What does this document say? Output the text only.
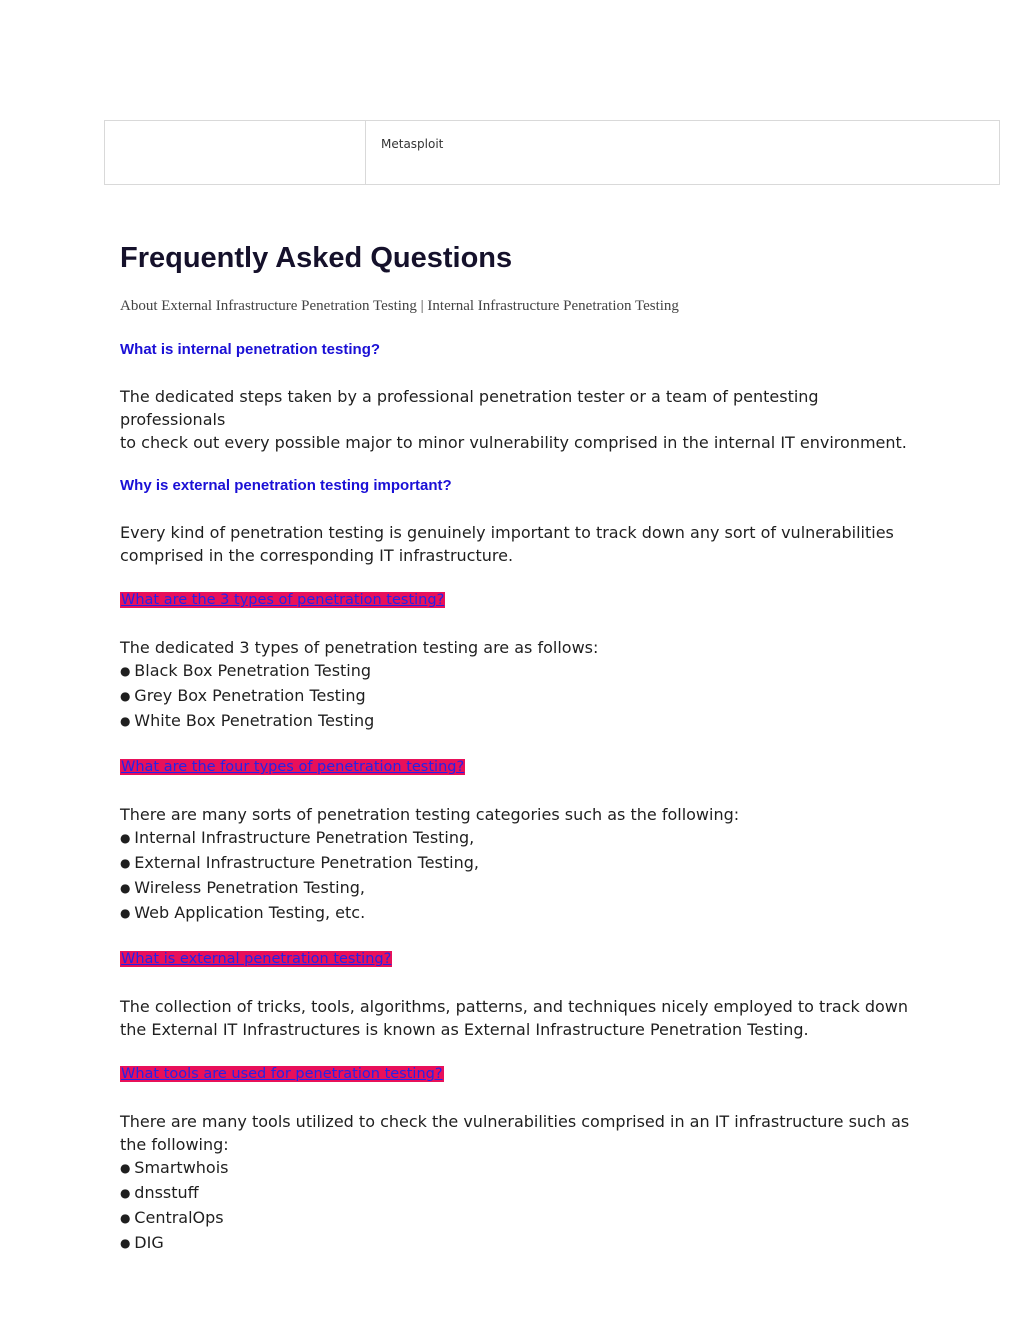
Metasploit
Frequently Asked Questions

About External Infrastructure Penetration Testing | Internal Infrastructure Penetration Testing

What is internal penetration testing?

The dedicated steps taken by a professional penetration tester or a team of pentesting professionals
to check out every possible major to minor vulnerability comprised in the internal IT environment.

Why is external penetration testing important?

Every kind of penetration testing is genuinely important to track down any sort of vulnerabilities
comprised in the corresponding IT infrastructure.

What are the 3 types of penetration testing?

The dedicated 3 types of penetration testing are as follows:
● Black Box Penetration Testing
● Grey Box Penetration Testing
● White Box Penetration Testing

What are the four types of penetration testing?

There are many sorts of penetration testing categories such as the following:
● Internal Infrastructure Penetration Testing,
● External Infrastructure Penetration Testing,
● Wireless Penetration Testing,
● Web Application Testing, etc.

What is external penetration testing?

The collection of tricks, tools, algorithms, patterns, and techniques nicely employed to track down
the External IT Infrastructures is known as External Infrastructure Penetration Testing.

What tools are used for penetration testing?

There are many tools utilized to check the vulnerabilities comprised in an IT infrastructure such as
the following:
● Smartwhois
● dnsstuff
● CentralOps
● DIG
